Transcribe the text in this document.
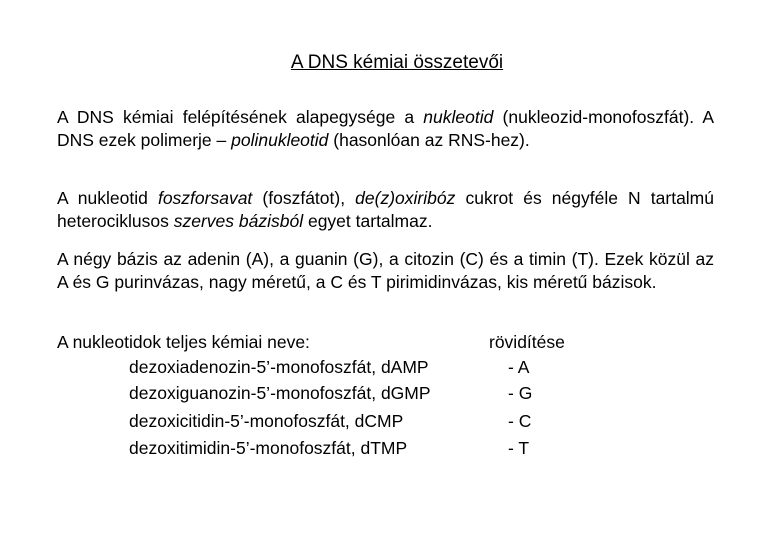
A DNS kémiai összetevői
A DNS kémiai felépítésének alapegysége a nukleotid (nukleozid-monofoszfát). A DNS ezek polimerje – polinukleotid (hasonlóan az RNS-hez).
A nukleotid foszforsavat (foszfátot), de(z)oxiribóz cukrot és négyféle N tartalmú heterociklusos szerves bázisból egyet tartalmaz.
A négy bázis az adenin (A), a guanin (G), a citozin (C) és a timin (T). Ezek közül az A és G purinvázas, nagy méretű, a C és T pirimidinvázas, kis méretű bázisok.
A nukleotidok teljes kémiai neve:	rövidítése
dezoxiadenozin-5’-monofoszfát, dAMP	- A
dezoxiguanozin-5’-monofoszfát, dGMP	- G
dezoxicitidin-5’-monofoszfát, dCMP	- C
dezoxitimidin-5’-monofoszfát, dTMP	- T
